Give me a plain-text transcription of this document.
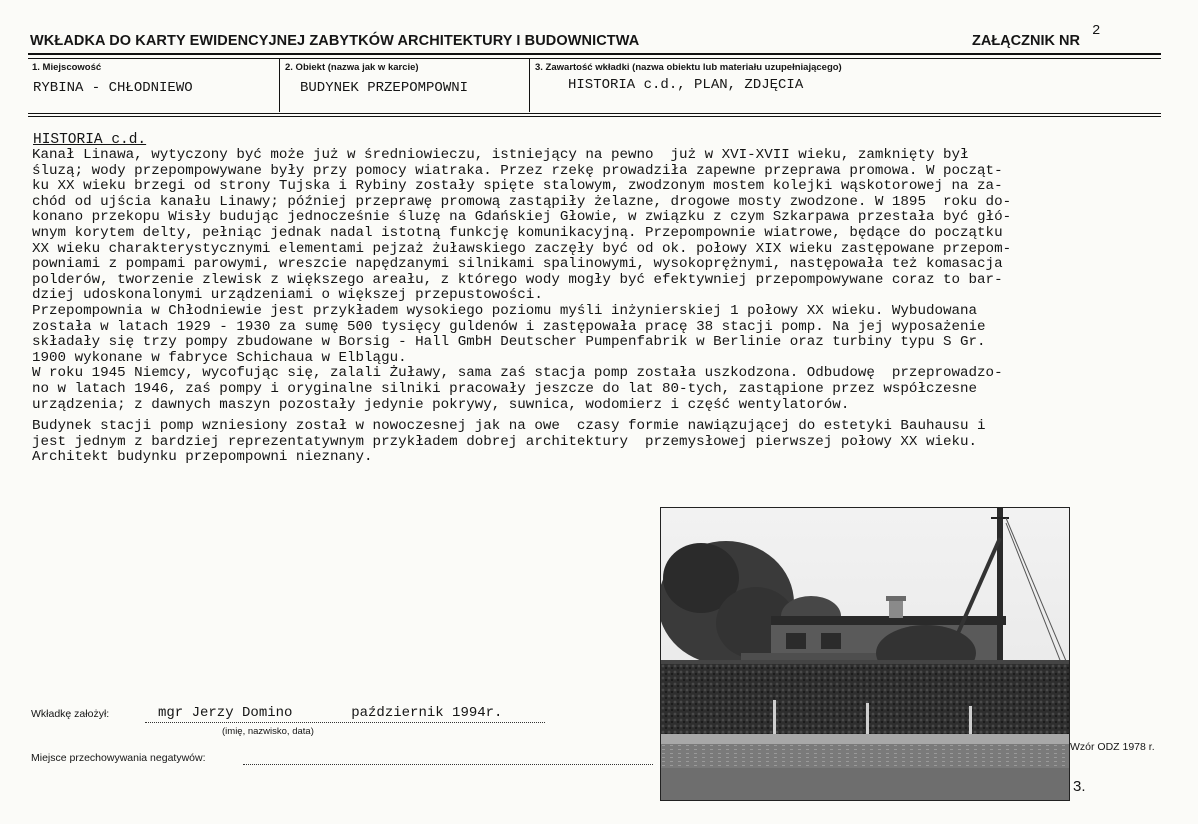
WKŁADKA DO KARTY EWIDENCYJNEJ ZABYTKÓW ARCHITEKTURY I BUDOWNICTWA	ZAŁĄCZNIK NR
2
1. Miejscowość
RYBINA - CHŁODNIEWO
2. Obiekt (nazwa jak w karcie)
BUDYNEK PRZEPOMPOWNI
3. Zawartość wkładki (nazwa obiektu lub materiału uzupełniającego)
HISTORIA c.d., PLAN, ZDJĘCIA
HISTORIA c.d.

Kanał Linawa, wytyczony być może już w średniowieczu, istniejący na pewno  już w XVI-XVII wieku, zamknięty był

śluzą; wody przepompowywane były przy pomocy wiatraka. Przez rzekę prowadziła zapewne przeprawa promowa. W począt-

ku XX wieku brzegi od strony Tujska i Rybiny zostały spięte stalowym, zwodzonym mostem kolejki wąskotorowej na za-

chód od ujścia kanału Linawy; później przeprawę promową zastąpiły żelazne, drogowe mosty zwodzone. W 1895  roku do-

konano przekopu Wisły budując jednocześnie śluzę na Gdańskiej Głowie, w związku z czym Szkarpawa przestała być głó-

wnym korytem delty, pełniąc jednak nadal istotną funkcję komunikacyjną. Przepompownie wiatrowe, będące do początku

XX wieku charakterystycznymi elementami pejzaż żuławskiego zaczęły być od ok. połowy XIX wieku zastępowane przepom-

powniami z pompami parowymi, wreszcie napędzanymi silnikami spalinowymi, wysokoprężnymi, następowała też komasacja

polderów, tworzenie zlewisk z większego areału, z którego wody mogły być efektywniej przepompowywane coraz to bar-

dziej udoskonalonymi urządzeniami o większej przepustowości.

Przepompownia w Chłodniewie jest przykładem wysokiego poziomu myśli inżynierskiej 1 połowy XX wieku. Wybudowana

została w latach 1929 - 1930 za sumę 500 tysięcy guldenów i zastępowała pracę 38 stacji pomp. Na jej wyposażenie

składały się trzy pompy zbudowane w Borsig - Hall GmbH Deutscher Pumpenfabrik w Berlinie oraz turbiny typu S Gr.

1900 wykonane w fabryce Schichaua w Elblągu.

W roku 1945 Niemcy, wycofując się, zalali Żuławy, sama zaś stacja pomp została uszkodzona. Odbudowę  przeprowadzo-

no w latach 1946, zaś pompy i oryginalne silniki pracowały jeszcze do lat 80-tych, zastąpione przez współczesne

urządzenia; z dawnych maszyn pozostały jedynie pokrywy, suwnica, wodomierz i część wentylatorów.

Budynek stacji pomp wzniesiony został w nowoczesnej jak na owe  czasy formie nawiązującej do estetyki Bauhausu i

jest jednym z bardziej reprezentatywnym przykładem dobrej architektury  przemysłowej pierwszej połowy XX wieku.

Architekt budynku przepompowni nieznany.

Wkładkę założył:	mgr Jerzy Domino       październik 1994r.
(imię, nazwisko, data)
Miejsce przechowywania negatywów:
Wzór ODZ 1978 r.
3.
